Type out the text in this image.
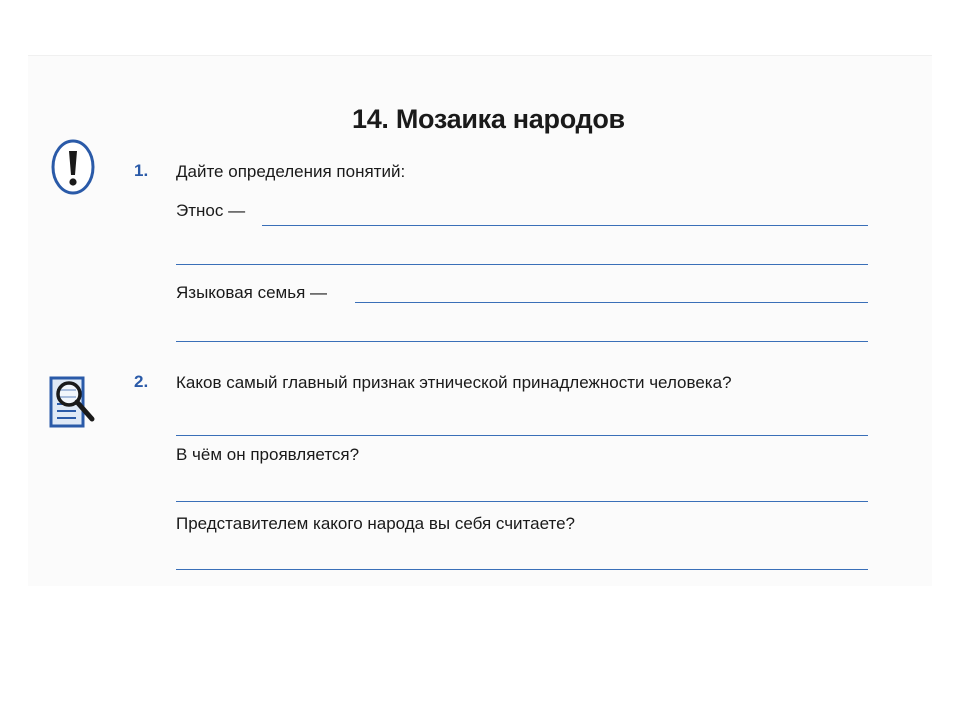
14. Мозаика народов
1. Дайте определения понятий:
Этнос —
Языковая семья —
2. Каков самый главный признак этнической принадлежности человека?
В чём он проявляется?
Представителем какого народа вы себя считаете?
